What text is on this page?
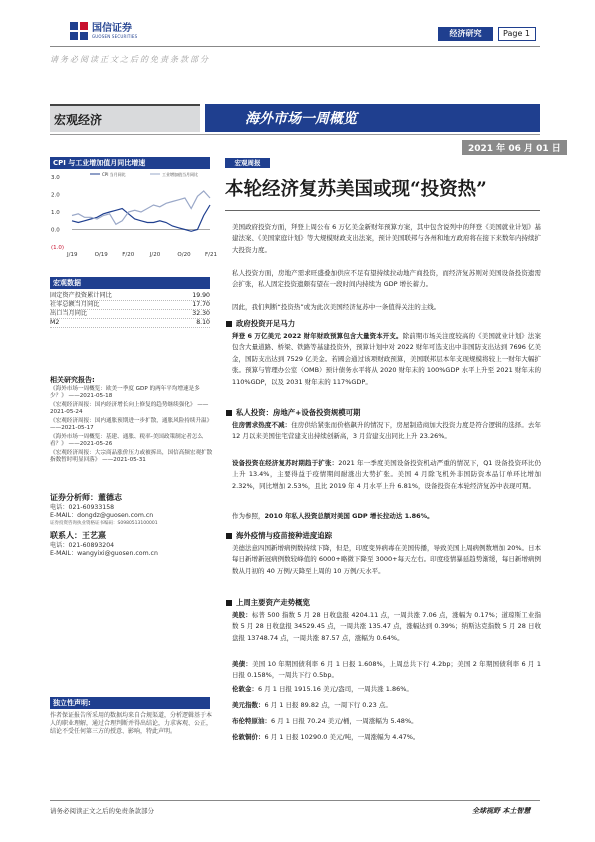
国信证券
GUOSEN SECURITIES	经济研究	Page 1
请务必阅读正文之后的免责条款部分
宏观经济	海外市场一周概览
2021 年 06 月 01 日
CPI 与工业增加值月同比增速
3.0
2.0
1.0
0.0
(1.0)
J/19	O/19	F/20	J/20	O/20	F/21
CPI 当月同比	工业增加值当月同比
宏观数据
固定资产投资累计同比	19.90
社零总额当月同比	17.70
出口当月同比	32.30
M2	8.10
相关研究报告:
《海外市场一周概览：欧美一季度 GDP 的两年平均增速是多少？》 ——2021-05-18
《宏观经济周报：国内经济增长向上修复的趋势继续强化》 ——2021-05-24
《宏观经济周报：国内通胀预期进一步扩散，通胀风险持续升温》 ——2021-05-17
《海外市场一周概览：基建、通胀、税率-美国政策制定者怎么看？》 ——2021-05-26
《宏观经济周报：大宗商品涨价压力或被拆出，国信高频宏观扩散指数暂时明显回落》 ——2021-05-31
证券分析师：董德志
电话：021-60933158
E-MAIL：dongdz@guosen.com.cn
证券投资咨询执业资格证书编码：S0980513100001
联系人：王艺熹
电话：021-60893204
E-MAIL：wangyixi@guosen.com.cn
独立性声明:
作者保证报告所采用的数据均来自合规渠道，分析逻辑基于本人的职业理解，通过合理判断并得出结论，力求客观、公正，结论不受任何第三方的授意、影响，特此声明。
宏观周报
本轮经济复苏美国或现“投资热”
美国政府投资方面，拜登上周公布 6 万亿美金新财年预算方案，其中包含说列中的拜登《美国就业计划》基建法案、《美国家庭计划》等大规模财政支出法案，预计美国联邦与各州和地方政府将在接下来数年内持续扩大投资力度。
私人投资方面，房地产需求旺盛叠加供应不足有望持续拉动地产商投资，而经济复苏则对美国设备投资遗需会扩张，私人固定投资遗颇有望在一段时间内持续为 GDP 增长蓄力。
因此，我们判断“投资热”或为此次美国经济复苏中一条值得关注的主线。
政府投资开足马力
拜登 6 万亿美元 2022 财年财政预算包含大量资本开支。除前期市场关注度较高的《美国就业计划》法案包含大量道路、桥梁、铁路等基建投资外，预算计划中对 2022 财年可选支出中非国防支出达到 7696 亿美金，国防支出达到 7529 亿美金。若國会通过该项财政预算，美国联邦层本年支现规模将较上一财年大幅扩张。预算与管理办公室（OMB）预计债务水平将从 2020 财年末的 100%GDP 水平上升至 2021 财年末的 110%GDP，以及 2031 财年末的 117%GDP。
私人投资：房地产+设备投资规模可期
住房需求热度不减：住房供给紧张而价格飙升的情况下，房屋制造商加大投资力度是符合逻辑的选择。去年 12 月以来美国住宅营建支出持续创新高，3 月营建支出同比上升 23.26%。
设备投资在经济复苏时期趋于扩张：2021 年一季度美国设备投资机动严重的情况下，Q1 设备投资环比仍上升 13.4%，主要得益于疫情期间耐涨出大势扩张。美国 4 月除飞机外非国防资本品订单环比增加 2.32%，同比增加 2.53%，且比 2019 年 4 月水平上升 6.81%，设备投资在本轮经济复苏中表现可期。
作为参照，2010 年私人投资总额对美国 GDP 增长拉动达 1.86%。
海外疫情与疫苗接种进度追踪
美德法意四国新增病例数持续下降，但是，印度变异病毒在美国传播，导致美国上周病例数增加 20%。日本每日新增新冠病例数较峰值的 6000+略微下降至 3000+每天左右。印度疫情暴延趋势渐缓，每日新增病例数从月初的 40 万例/天降至上周的 10 万例/天水平。
上周主要资产走势概览
美股：标普 500 指数 5 月 28 日收盘报 4204.11 点，一周共涨 7.06 点，涨幅为 0.17%；道琼斯工业指数 5 月 28 日收盘报 34529.45 点，一周共涨 135.47 点，涨幅达到 0.39%；纳斯达克指数 5 月 28 日收盘报 13748.74 点，一周共涨 87.57 点，涨幅为 0.64%。
美债：美国 10 年期国债利率 6 月 1 日报 1.608%，上周总共下行 4.2bp；美国 2 年期国债利率 6 月 1 日报 0.158%，一周共下行 0.5bp。
伦敦金：6 月 1 日报 1915.16 美元/盎司，一周共涨 1.86%。
美元指数：6 月 1 日报 89.82 点，一周下行 0.23 点。
布伦特原油：6 月 1 日报 70.24 美元/桶，一周涨幅为 5.48%。
伦敦铜价：6 月 1 日报 10290.0 美元/吨，一周涨幅为 4.47%。
请务必阅读正文之后的免责条款部分	全球视野 本土智慧
